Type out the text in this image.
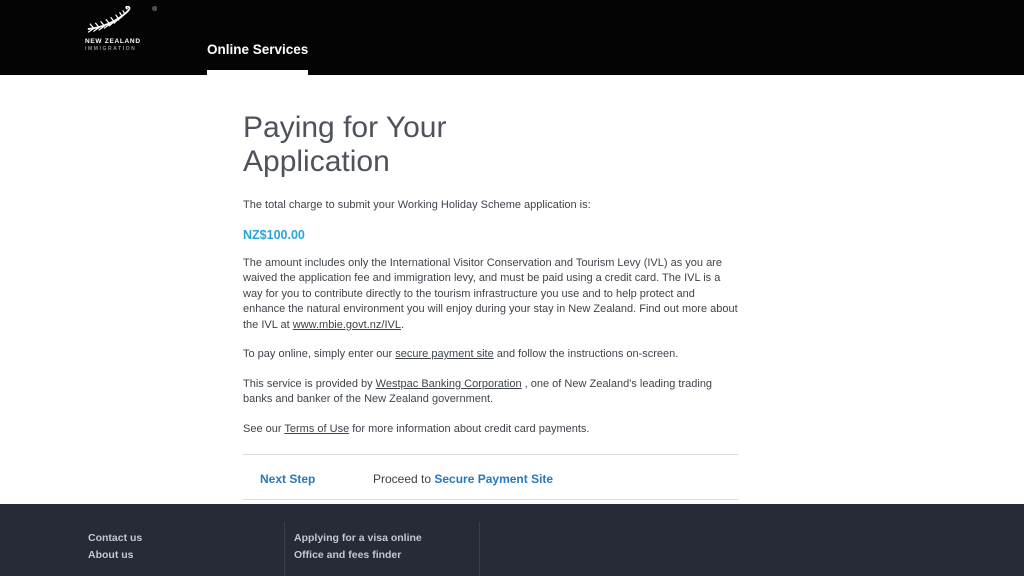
®
NEW ZEALAND
IMMIGRATION	Online Services
Paying for Your Application

The total charge to submit your Working Holiday Scheme application is:

NZ$100.00

The amount includes only the International Visitor Conservation and Tourism Levy (IVL) as you are waived the application fee and immigration levy, and must be paid using a credit card. The IVL is a way for you to contribute directly to the tourism infrastructure you use and to help protect and enhance the natural environment you will enjoy during your stay in New Zealand. Find out more about the IVL at www.mbie.govt.nz/IVL.

To pay online, simply enter our secure payment site and follow the instructions on-screen.

This service is provided by Westpac Banking Corporation , one of New Zealand's leading trading banks and banker of the New Zealand government.

See our Terms of Use for more information about credit card payments.

Next Step	Proceed to Secure Payment Site
Contact us
About us
Applying for a visa online
Office and fees finder
